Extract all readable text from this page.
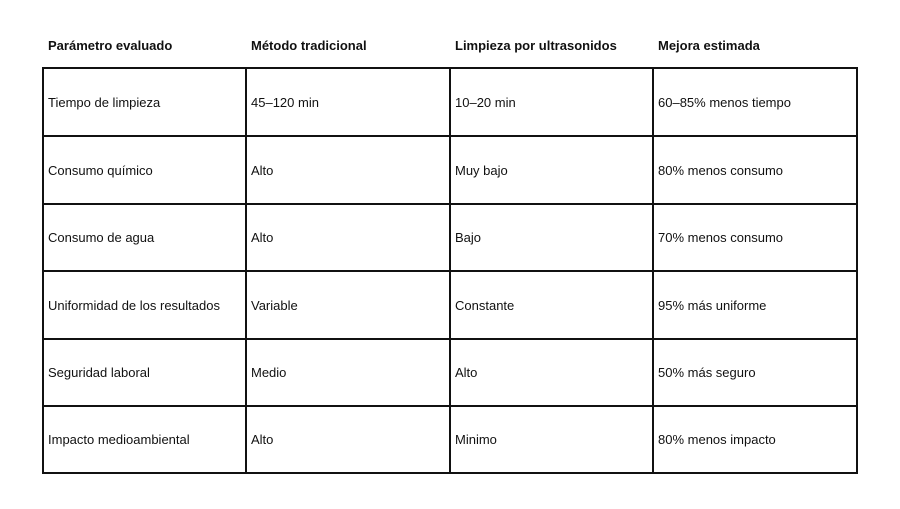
Parámetro evaluado	Método tradicional	Limpieza por ultrasonidos	Mejora estimada
Tiempo de limpieza	45–120 min	10–20 min	60–85% menos tiempo
Consumo químico	Alto	Muy bajo	80% menos consumo
Consumo de agua	Alto	Bajo	70% menos consumo
Uniformidad de los resultados	Variable	Constante	95% más uniforme
Seguridad laboral	Medio	Alto	50% más seguro
Impacto medioambiental	Alto	Minimo	80% menos impacto
